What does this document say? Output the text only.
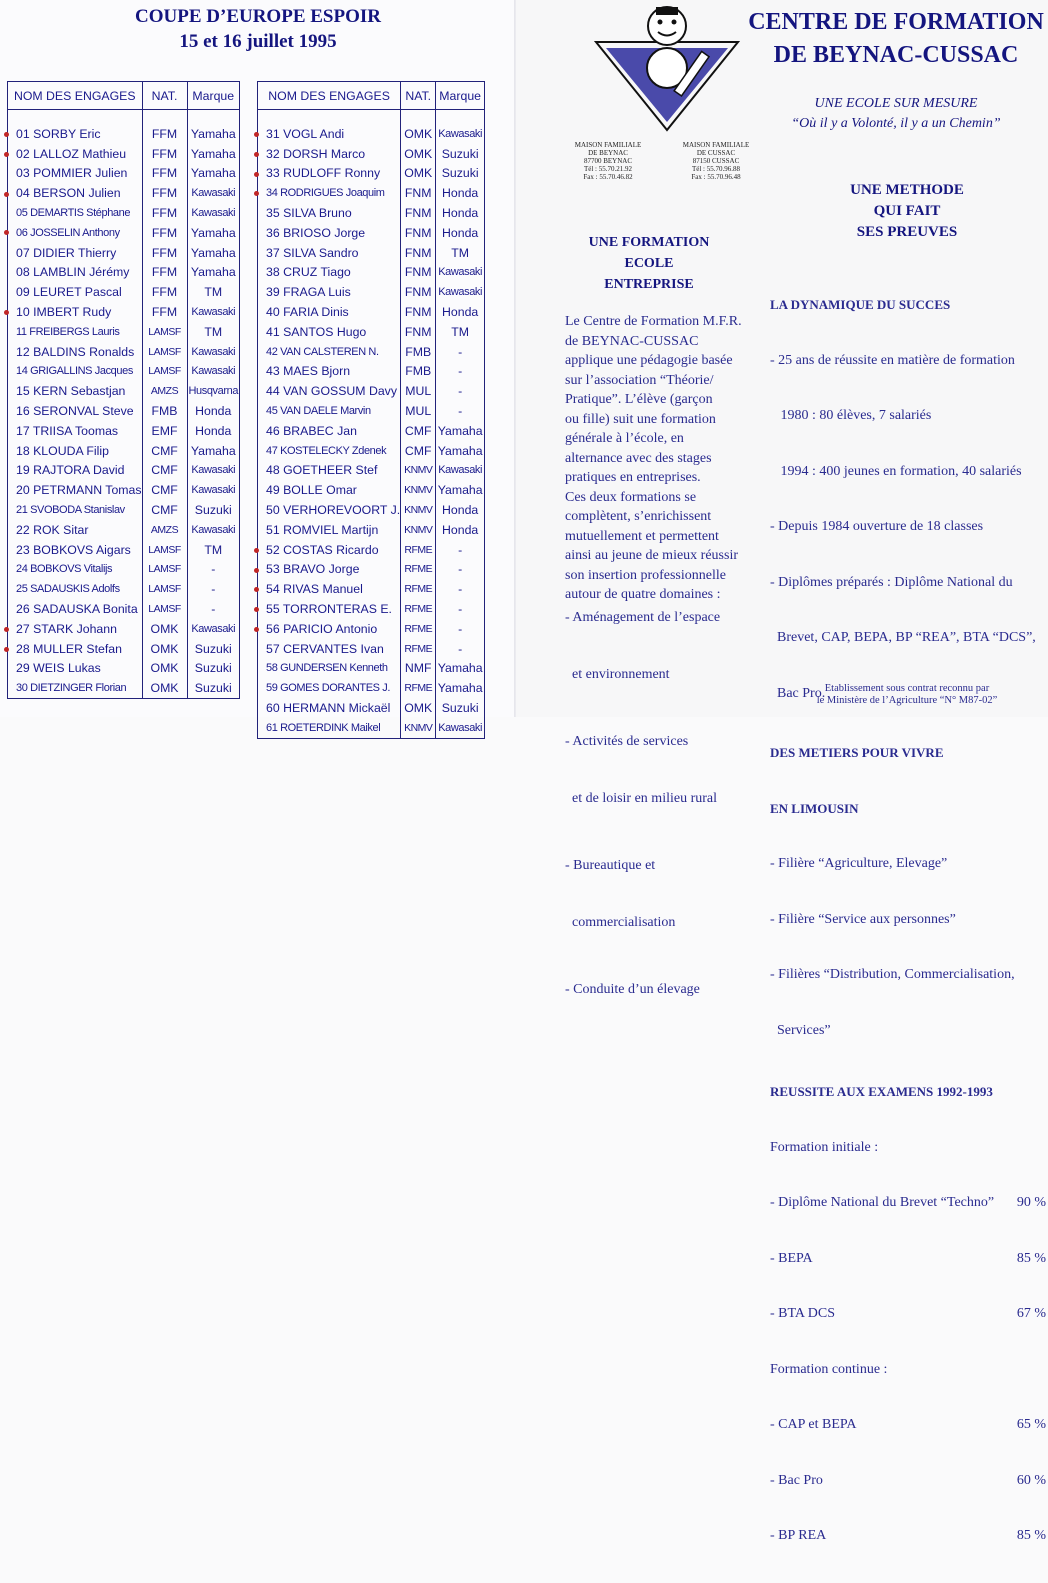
COUPE D’EUROPE ESPOIR
15 et 16 juillet 1995
NOM DES ENGAGES	NAT.	Marque

01 SORBY Eric	FFM	Yamaha
02 LALLOZ Mathieu	FFM	Yamaha
03 POMMIER Julien	FFM	Yamaha
04 BERSON Julien	FFM	Kawasaki
05 DEMARTIS Stéphane	FFM	Kawasaki
06 JOSSELIN Anthony	FFM	Yamaha
07 DIDIER Thierry	FFM	Yamaha
08 LAMBLIN Jérémy	FFM	Yamaha
09 LEURET Pascal	FFM	TM
10 IMBERT Rudy	FFM	Kawasaki
11 FREIBERGS Lauris	LAMSF	TM
12 BALDINS Ronalds	LAMSF	Kawasaki
14 GRIGALLINS Jacques	LAMSF	Kawasaki
15 KERN Sebastjan	AMZS	Husqvarna
16 SERONVAL Steve	FMB	Honda
17 TRIISA Toomas	EMF	Honda
18 KLOUDA Filip	CMF	Yamaha
19 RAJTORA David	CMF	Kawasaki
20 PETRMANN Tomas	CMF	Kawasaki
21 SVOBODA Stanislav	CMF	Suzuki
22 ROK Sitar	AMZS	Kawasaki
23 BOBKOVS Aigars	LAMSF	TM
24 BOBKOVS Vitalijs	LAMSF	-
25 SADAUSKIS Adolfs	LAMSF	-
26 SADAUSKA Bonita	LAMSF	-
27 STARK Johann	OMK	Kawasaki
28 MULLER Stefan	OMK	Suzuki
29 WEIS Lukas	OMK	Suzuki
30 DIETZINGER Florian	OMK	Suzuki
NOM DES ENGAGES	NAT.	Marque

31 VOGL Andi	OMK	Kawasaki
32 DORSH Marco	OMK	Suzuki
33 RUDLOFF Ronny	OMK	Suzuki
34 RODRIGUES Joaquim	FNM	Honda
35 SILVA Bruno	FNM	Honda
36 BRIOSO Jorge	FNM	Honda
37 SILVA Sandro	FNM	TM
38 CRUZ Tiago	FNM	Kawasaki
39 FRAGA Luis	FNM	Kawasaki
40 FARIA Dinis	FNM	Honda
41 SANTOS Hugo	FNM	TM
42 VAN CALSTEREN N.	FMB	-
43 MAES Bjorn	FMB	-
44 VAN GOSSUM Davy	MUL	-
45 VAN DAELE Marvin	MUL	-
46 BRABEC Jan	CMF	Yamaha
47 KOSTELECKY Zdenek	CMF	Yamaha
48 GOETHEER Stef	KNMV	Kawasaki
49 BOLLE Omar	KNMV	Yamaha
50 VERHOREVOORT J.	KNMV	Honda
51 ROMVIEL Martijn	KNMV	Honda
52 COSTAS Ricardo	RFME	-
53 BRAVO Jorge	RFME	-
54 RIVAS Manuel	RFME	-
55 TORRONTERAS E.	RFME	-
56 PARICIO Antonio	RFME	-
57 CERVANTES Ivan	RFME	-
58 GUNDERSEN Kenneth	NMF	Yamaha
59 GOMES DORANTES J.	RFME	Yamaha
60 HERMANN Mickaël	OMK	Suzuki
61 ROETERDINK Maikel	KNMV	Kawasaki
MAISON FAMILIALE
DE BEYNAC
87700 BEYNAC
Tél : 55.70.21.92
Fax : 55.70.46.82
MAISON FAMILIALE
DE CUSSAC
87150 CUSSAC
Tél : 55.70.96.88
Fax : 55.70.96.48
CENTRE DE FORMATION
DE BEYNAC-CUSSAC
UNE ECOLE SUR MESURE
“Où il y a Volonté, il y a un Chemin”
UNE FORMATION
ECOLE
ENTREPRISE
Le Centre de Formation M.F.R.
de BEYNAC-CUSSAC
applique une pédagogie basée
sur l’association “Théorie/
Pratique”. L’élève (garçon
ou fille) suit une formation
générale à l’école, en
alternance avec des stages
pratiques en entreprises.
Ces deux formations se
complètent, s’enrichissent
mutuellement et permettent
ainsi au jeune de mieux réussir
son insertion professionnelle
autour de quatre domaines :

- Aménagement de l’espace

et environnement

- Activités de services

et de loisir en milieu rural

- Bureautique et

commercialisation

- Conduite d’un élevage

UNE METHODE
QUI FAIT
SES PREUVES

LA DYNAMIQUE DU SUCCES

- 25 ans de réussite en matière de formation

1980 : 80 élèves, 7 salariés

1994 : 400 jeunes en formation, 40 salariés

- Depuis 1984 ouverture de 18 classes

- Diplômes préparés : Diplôme National du

Brevet, CAP, BEPA, BP “REA”, BTA “DCS”,

Bac Pro.

DES METIERS POUR VIVRE

EN LIMOUSIN

- Filière “Agriculture, Elevage”

- Filière “Service aux personnes”

- Filières “Distribution, Commercialisation,

Services”

REUSSITE AUX EXAMENS 1992-1993

Formation initiale :

- Diplôme National du Brevet “Techno” 90 %

- BEPA	85 %

- BTA DCS	67 %

Formation continue :

- CAP et BEPA	65 %

- Bac Pro	60 %

- BP REA	85 %

Etablissement sous contrat reconnu par
le Ministère de l’Agriculture “N° M87-02”
